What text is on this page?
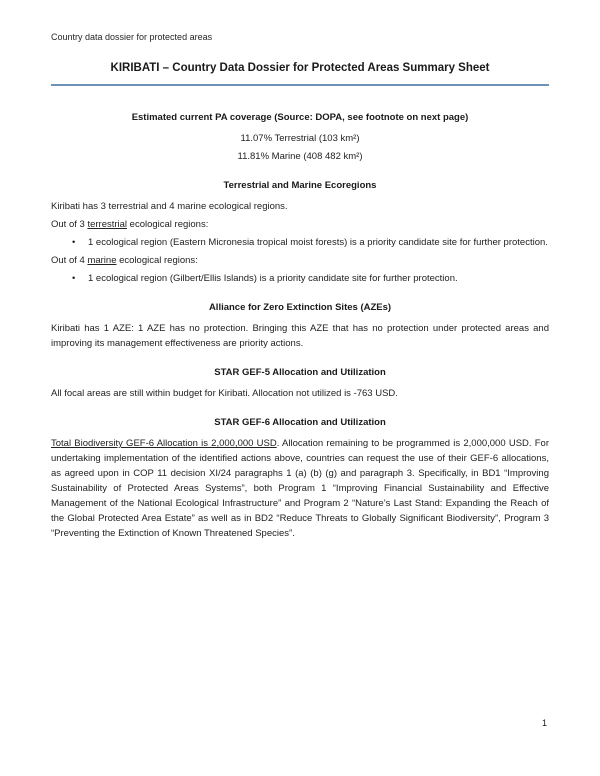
Country data dossier for protected areas
KIRIBATI – Country Data Dossier for Protected Areas Summary Sheet
Estimated current PA coverage (Source: DOPA, see footnote on next page)
11.07% Terrestrial (103 km²)
11.81% Marine (408 482 km²)
Terrestrial and Marine Ecoregions

Kiribati has 3 terrestrial and 4 marine ecological regions.

Out of 3 terrestrial ecological regions:

•	1 ecological region (Eastern Micronesia tropical moist forests) is a priority candidate site for further protection.

Out of 4 marine ecological regions:

•	1 ecological region (Gilbert/Ellis Islands) is a priority candidate site for further protection.
Alliance for Zero Extinction Sites (AZEs)

Kiribati has 1 AZE: 1 AZE has no protection. Bringing this AZE that has no protection under protected areas and improving its management effectiveness are priority actions.

STAR GEF-5 Allocation and Utilization

All focal areas are still within budget for Kiribati. Allocation not utilized is -763 USD.

STAR GEF-6 Allocation and Utilization

Total Biodiversity GEF-6 Allocation is 2,000,000 USD. Allocation remaining to be programmed is 2,000,000 USD. For undertaking implementation of the identified actions above, countries can request the use of their GEF-6 allocations, as agreed upon in COP 11 decision XI/24 paragraphs 1 (a) (b) (g) and paragraph 3. Specifically, in BD1 “Improving Sustainability of Protected Areas Systems”, both Program 1 “Improving Financial Sustainability and Effective Management of the National Ecological Infrastructure” and Program 2 “Nature’s Last Stand: Expanding the Reach of the Global Protected Area Estate” as well as in BD2 “Reduce Threats to Globally Significant Biodiversity”, Program 3 “Preventing the Extinction of Known Threatened Species”.

1
